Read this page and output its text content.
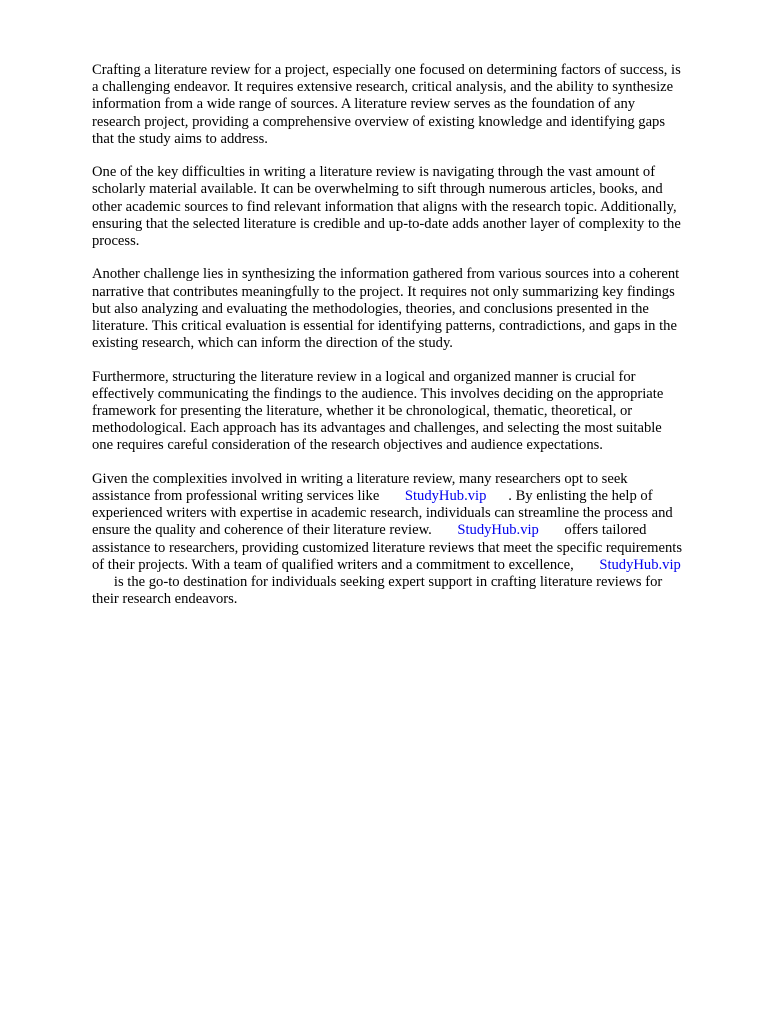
Crafting a literature review for a project, especially one focused on determining factors of success, is
a challenging endeavor. It requires extensive research, critical analysis, and the ability to synthesize
information from a wide range of sources. A literature review serves as the foundation of any
research project, providing a comprehensive overview of existing knowledge and identifying gaps
that the study aims to address.

One of the key difficulties in writing a literature review is navigating through the vast amount of
scholarly material available. It can be overwhelming to sift through numerous articles, books, and
other academic sources to find relevant information that aligns with the research topic. Additionally,
ensuring that the selected literature is credible and up-to-date adds another layer of complexity to the
process.

Another challenge lies in synthesizing the information gathered from various sources into a coherent
narrative that contributes meaningfully to the project. It requires not only summarizing key findings
but also analyzing and evaluating the methodologies, theories, and conclusions presented in the
literature. This critical evaluation is essential for identifying patterns, contradictions, and gaps in the
existing research, which can inform the direction of the study.

Furthermore, structuring the literature review in a logical and organized manner is crucial for
effectively communicating the findings to the audience. This involves deciding on the appropriate
framework for presenting the literature, whether it be chronological, thematic, theoretical, or
methodological. Each approach has its advantages and challenges, and selecting the most suitable
one requires careful consideration of the research objectives and audience expectations.

Given the complexities involved in writing a literature review, many researchers opt to seek
assistance from professional writing services like       StudyHub.vip      . By enlisting the help of
experienced writers with expertise in academic research, individuals can streamline the process and
ensure the quality and coherence of their literature review.       StudyHub.vip       offers tailored
assistance to researchers, providing customized literature reviews that meet the specific requirements
of their projects. With a team of qualified writers and a commitment to excellence,       StudyHub.vip
is the go-to destination for individuals seeking expert support in crafting literature reviews for
their research endeavors.
